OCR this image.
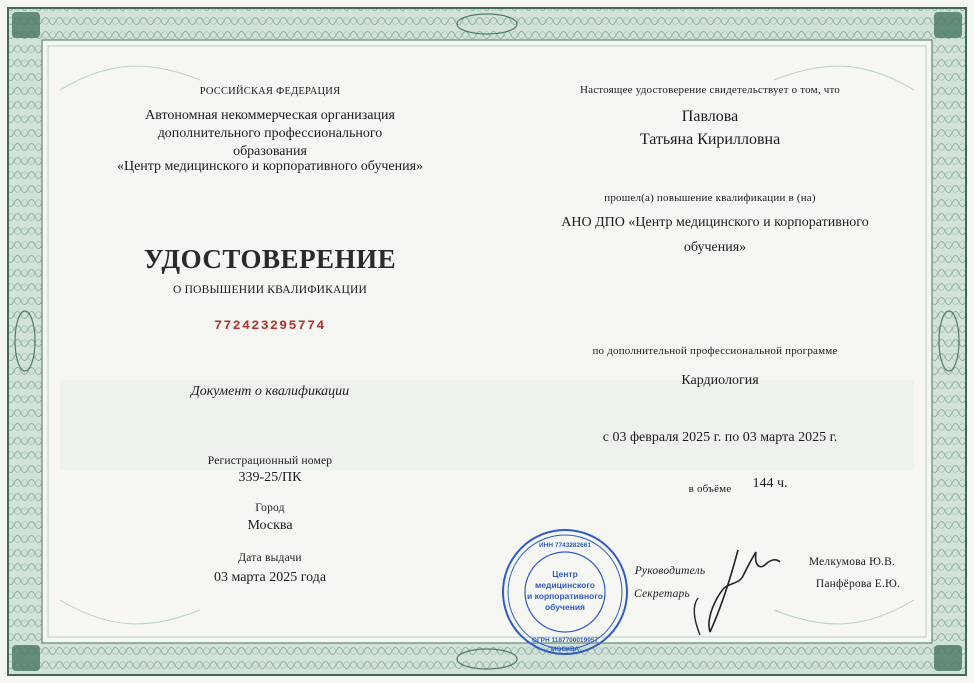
РОССИЙСКАЯ ФЕДЕРАЦИЯ
Автономная некоммерческая организация
дополнительного профессионального
образования
«Центр медицинского и корпоративного обучения»
УДОСТОВЕРЕНИЕ
О ПОВЫШЕНИИ КВАЛИФИКАЦИИ
772423295774
Документ о квалификации
Регистрационный номер
339-25/ПК
Город
Москва
Дата выдачи
03 марта 2025 года
Настоящее удостоверение свидетельствует о том, что
Павлова
Татьяна Кирилловна
прошел(а) повышение квалификации в (на)
АНО ДПО «Центр медицинского и корпоративного
обучения»
по дополнительной профессиональной программе
Кардиология
с 03 февраля 2025 г. по 03 марта 2025 г.
в объёме	144 ч.
Руководитель
Секретарь
Мелкумова Ю.В.
Панфёрова Е.Ю.
Центр
медицинского
и корпоративного
обучения
ИНН 7743282661
ОГРН 1187700019957
МОСКВА
